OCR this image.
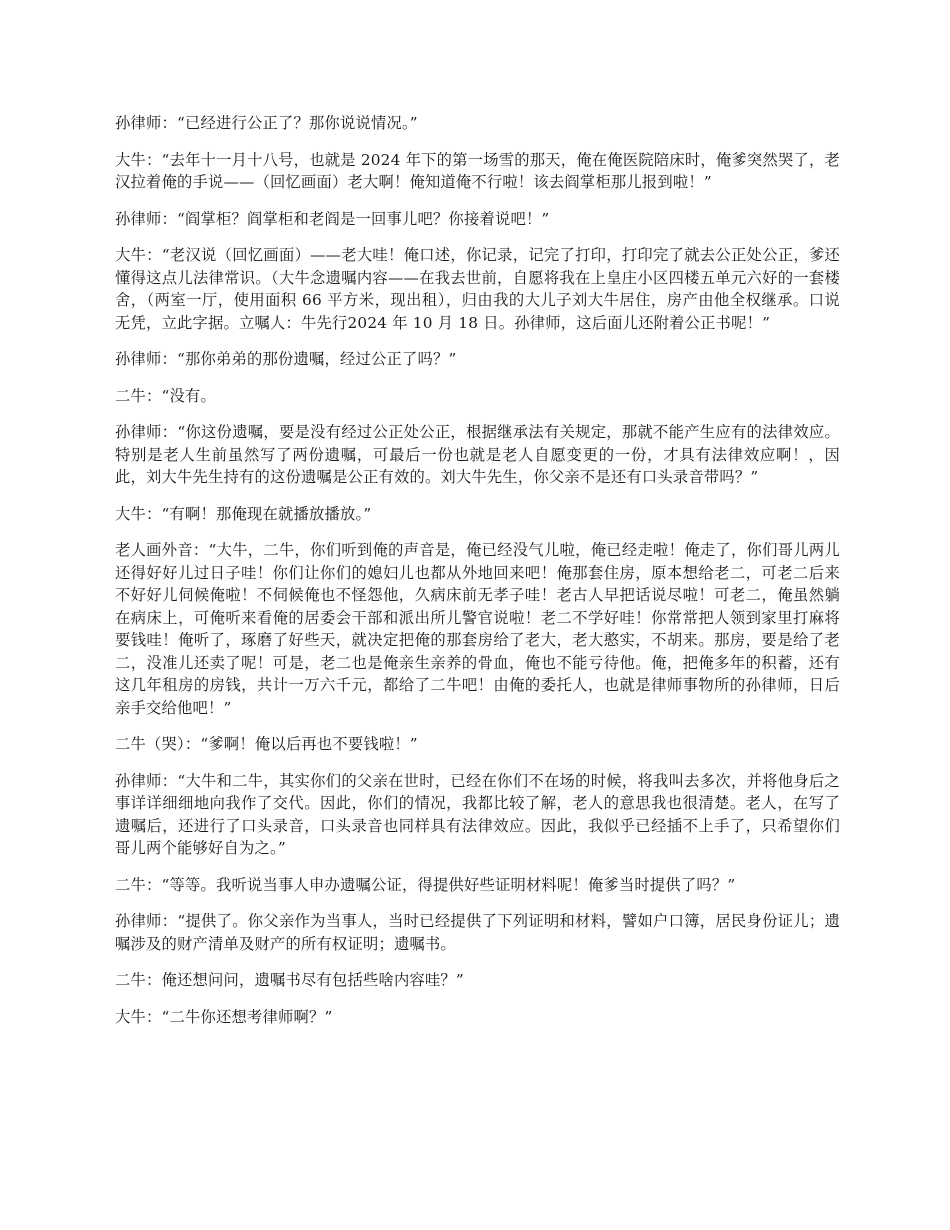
孙律师：“已经进行公正了？那你说说情况。”

大牛：“去年十一月十八号，也就是 2024 年下的第一场雪的那天，俺在俺医院陪床时，俺爹突然哭了，老汉拉着俺的手说——（回忆画面）老大啊！俺知道俺不行啦！该去阎掌柜那儿报到啦！”

孙律师：“阎掌柜？阎掌柜和老阎是一回事儿吧？你接着说吧！”

大牛：“老汉说（回忆画面）——老大哇！俺口述，你记录，记完了打印，打印完了就去公正处公正，爹还懂得这点儿法律常识。（大牛念遗嘱内容——在我去世前，自愿将我在上皇庄小区四楼五单元六好的一套楼舍，（两室一厅，使用面积 66 平方米，现出租），归由我的大儿子刘大牛居住，房产由他全权继承。口说无凭，立此字据。立嘱人：牛先行2024 年 10 月 18 日。孙律师，这后面儿还附着公正书呢！”

孙律师：“那你弟弟的那份遗嘱，经过公正了吗？”

二牛：“没有。

孙律师：“你这份遗嘱，要是没有经过公正处公正，根据继承法有关规定，那就不能产生应有的法律效应。特别是老人生前虽然写了两份遗嘱，可最后一份也就是老人自愿变更的一份，才具有法律效应啊！，因此，刘大牛先生持有的这份遗嘱是公正有效的。刘大牛先生，你父亲不是还有口头录音带吗？”

大牛：“有啊！那俺现在就播放播放。”

老人画外音：“大牛，二牛，你们听到俺的声音是，俺已经没气儿啦，俺已经走啦！俺走了，你们哥儿两儿还得好好儿过日子哇！你们让你们的媳妇儿也都从外地回来吧！俺那套住房，原本想给老二，可老二后来不好好儿伺候俺啦！不伺候俺也不怪怨他，久病床前无孝子哇！老古人早把话说尽啦！可老二，俺虽然躺在病床上，可俺听来看俺的居委会干部和派出所儿警官说啦！老二不学好哇！你常常把人领到家里打麻将要钱哇！俺听了，琢磨了好些天，就决定把俺的那套房给了老大，老大憨实，不胡来。那房，要是给了老二，没准儿还卖了呢！可是，老二也是俺亲生亲养的骨血，俺也不能亏待他。俺，把俺多年的积蓄，还有这几年租房的房钱，共计一万六千元，都给了二牛吧！由俺的委托人，也就是律师事物所的孙律师，日后亲手交给他吧！”

二牛（哭）：“爹啊！俺以后再也不要钱啦！”

孙律师：“大牛和二牛，其实你们的父亲在世时，已经在你们不在场的时候，将我叫去多次，并将他身后之事详详细细地向我作了交代。因此，你们的情况，我都比较了解，老人的意思我也很清楚。老人，在写了遗嘱后，还进行了口头录音，口头录音也同样具有法律效应。因此，我似乎已经插不上手了，只希望你们哥儿两个能够好自为之。”

二牛：“等等。我听说当事人申办遗嘱公证，得提供好些证明材料呢！俺爹当时提供了吗？”

孙律师：“提供了。你父亲作为当事人，当时已经提供了下列证明和材料，譬如户口簿，居民身份证儿；遗嘱涉及的财产清单及财产的所有权证明；遗嘱书。

二牛：俺还想问问，遗嘱书尽有包括些啥内容哇？”

大牛：“二牛你还想考律师啊？”
